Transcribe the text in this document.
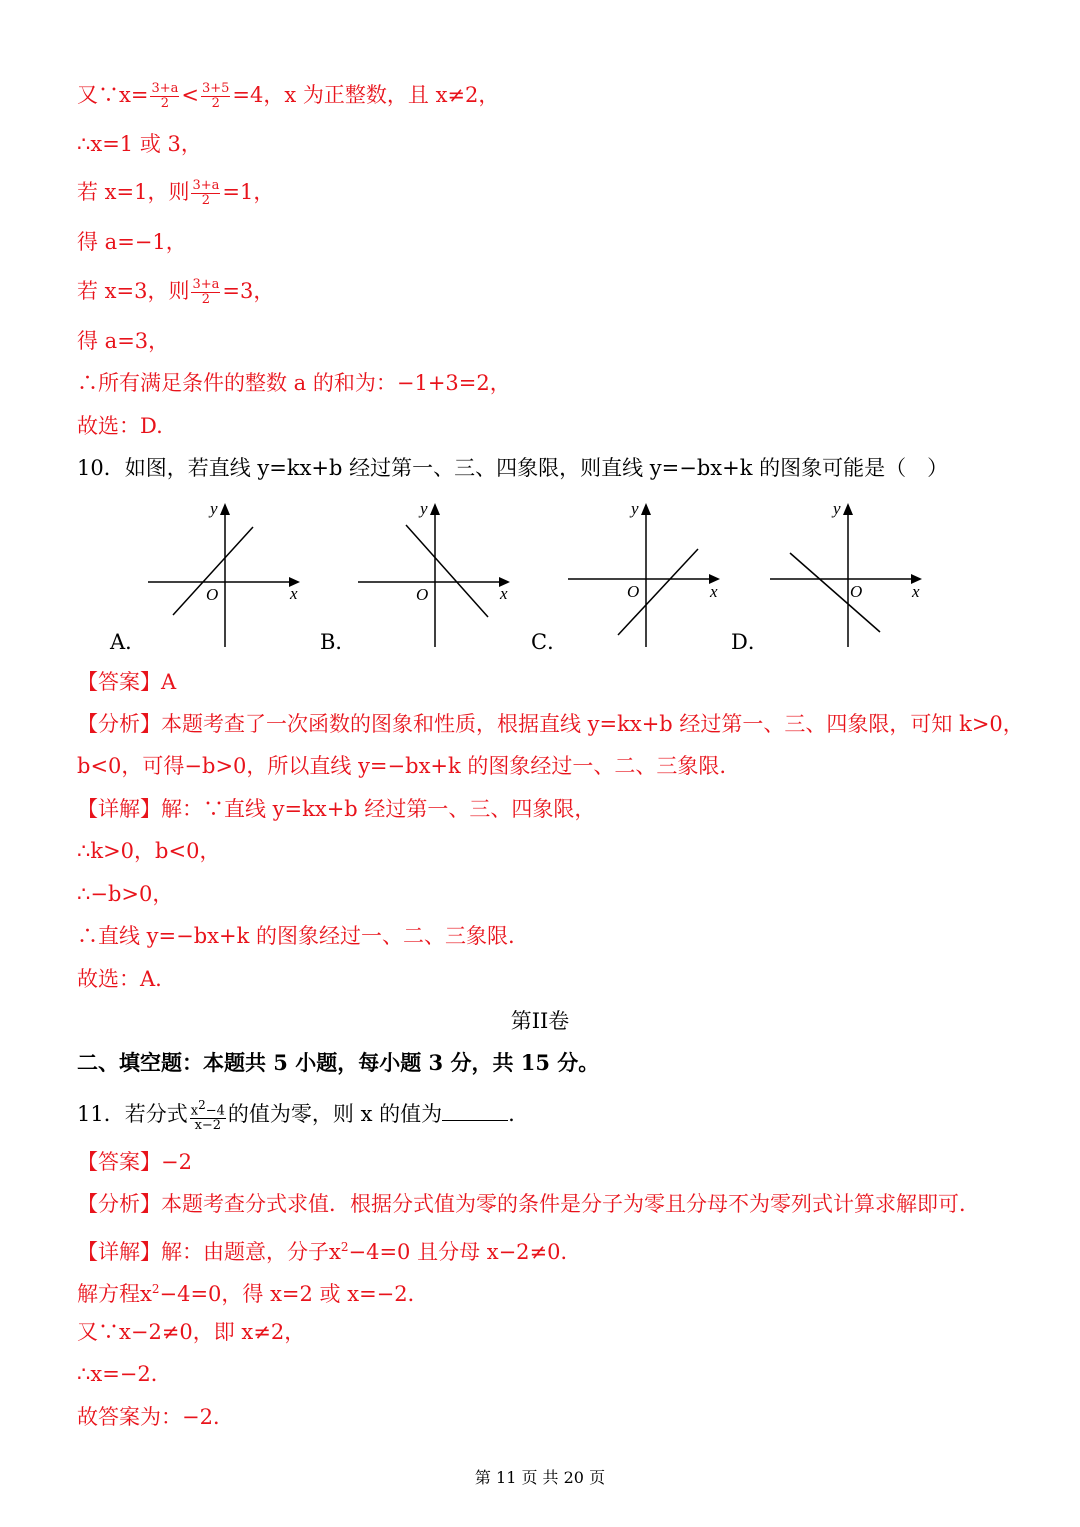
又∵x= $\frac{3+a}{2} < \frac{3+5}{2} =4$，x 为正整数，且 x≠2，
∴x=1 或 3，
若 x=1，则 $\frac{3+a}{2} =1$，
得 a=−1，
若 x=3，则 $\frac{3+a}{2} =3$，
得 a=3，
∴所有满足条件的整数 a 的和为：−1+3=2，
故选：D.
10．如图，若直线 y=kx+b 经过第一、三、四象限，则直线 y=−bx+k 的图象可能是（　）
y
x
O
A．
y
x
O
B．
y
x
O
C．
y
x
O
D．
【答案】A
【分析】本题考查了一次函数的图象和性质，根据直线 y=kx+b 经过第一、三、四象限，可知 k>0，
b<0，可得−b>0，所以直线 y=−bx+k 的图象经过一、二、三象限.
【详解】解：∵直线 y=kx+b 经过第一、三、四象限，
∴k>0，b<0，
∴−b>0，
∴直线 y=−bx+k 的图象经过一、二、三象限.
故选：A.
第II卷
二、填空题：本题共 5 小题，每小题 3 分，共 15 分。
11．若分式 $\frac{x^2-4}{x-2}$ 的值为零，则 x 的值为	.
【答案】−2
【分析】本题考查分式求值．根据分式值为零的条件是分子为零且分母不为零列式计算求解即可．
【详解】解：由题意，分子$x^2-4=0$ 且分母 x−2≠0．
解方程$x^2-4=0$，得 x=2 或 x=−2．
又∵x−2≠0，即 x≠2，
∴x=−2．
故答案为：−2．
第 11 页 共 20 页
